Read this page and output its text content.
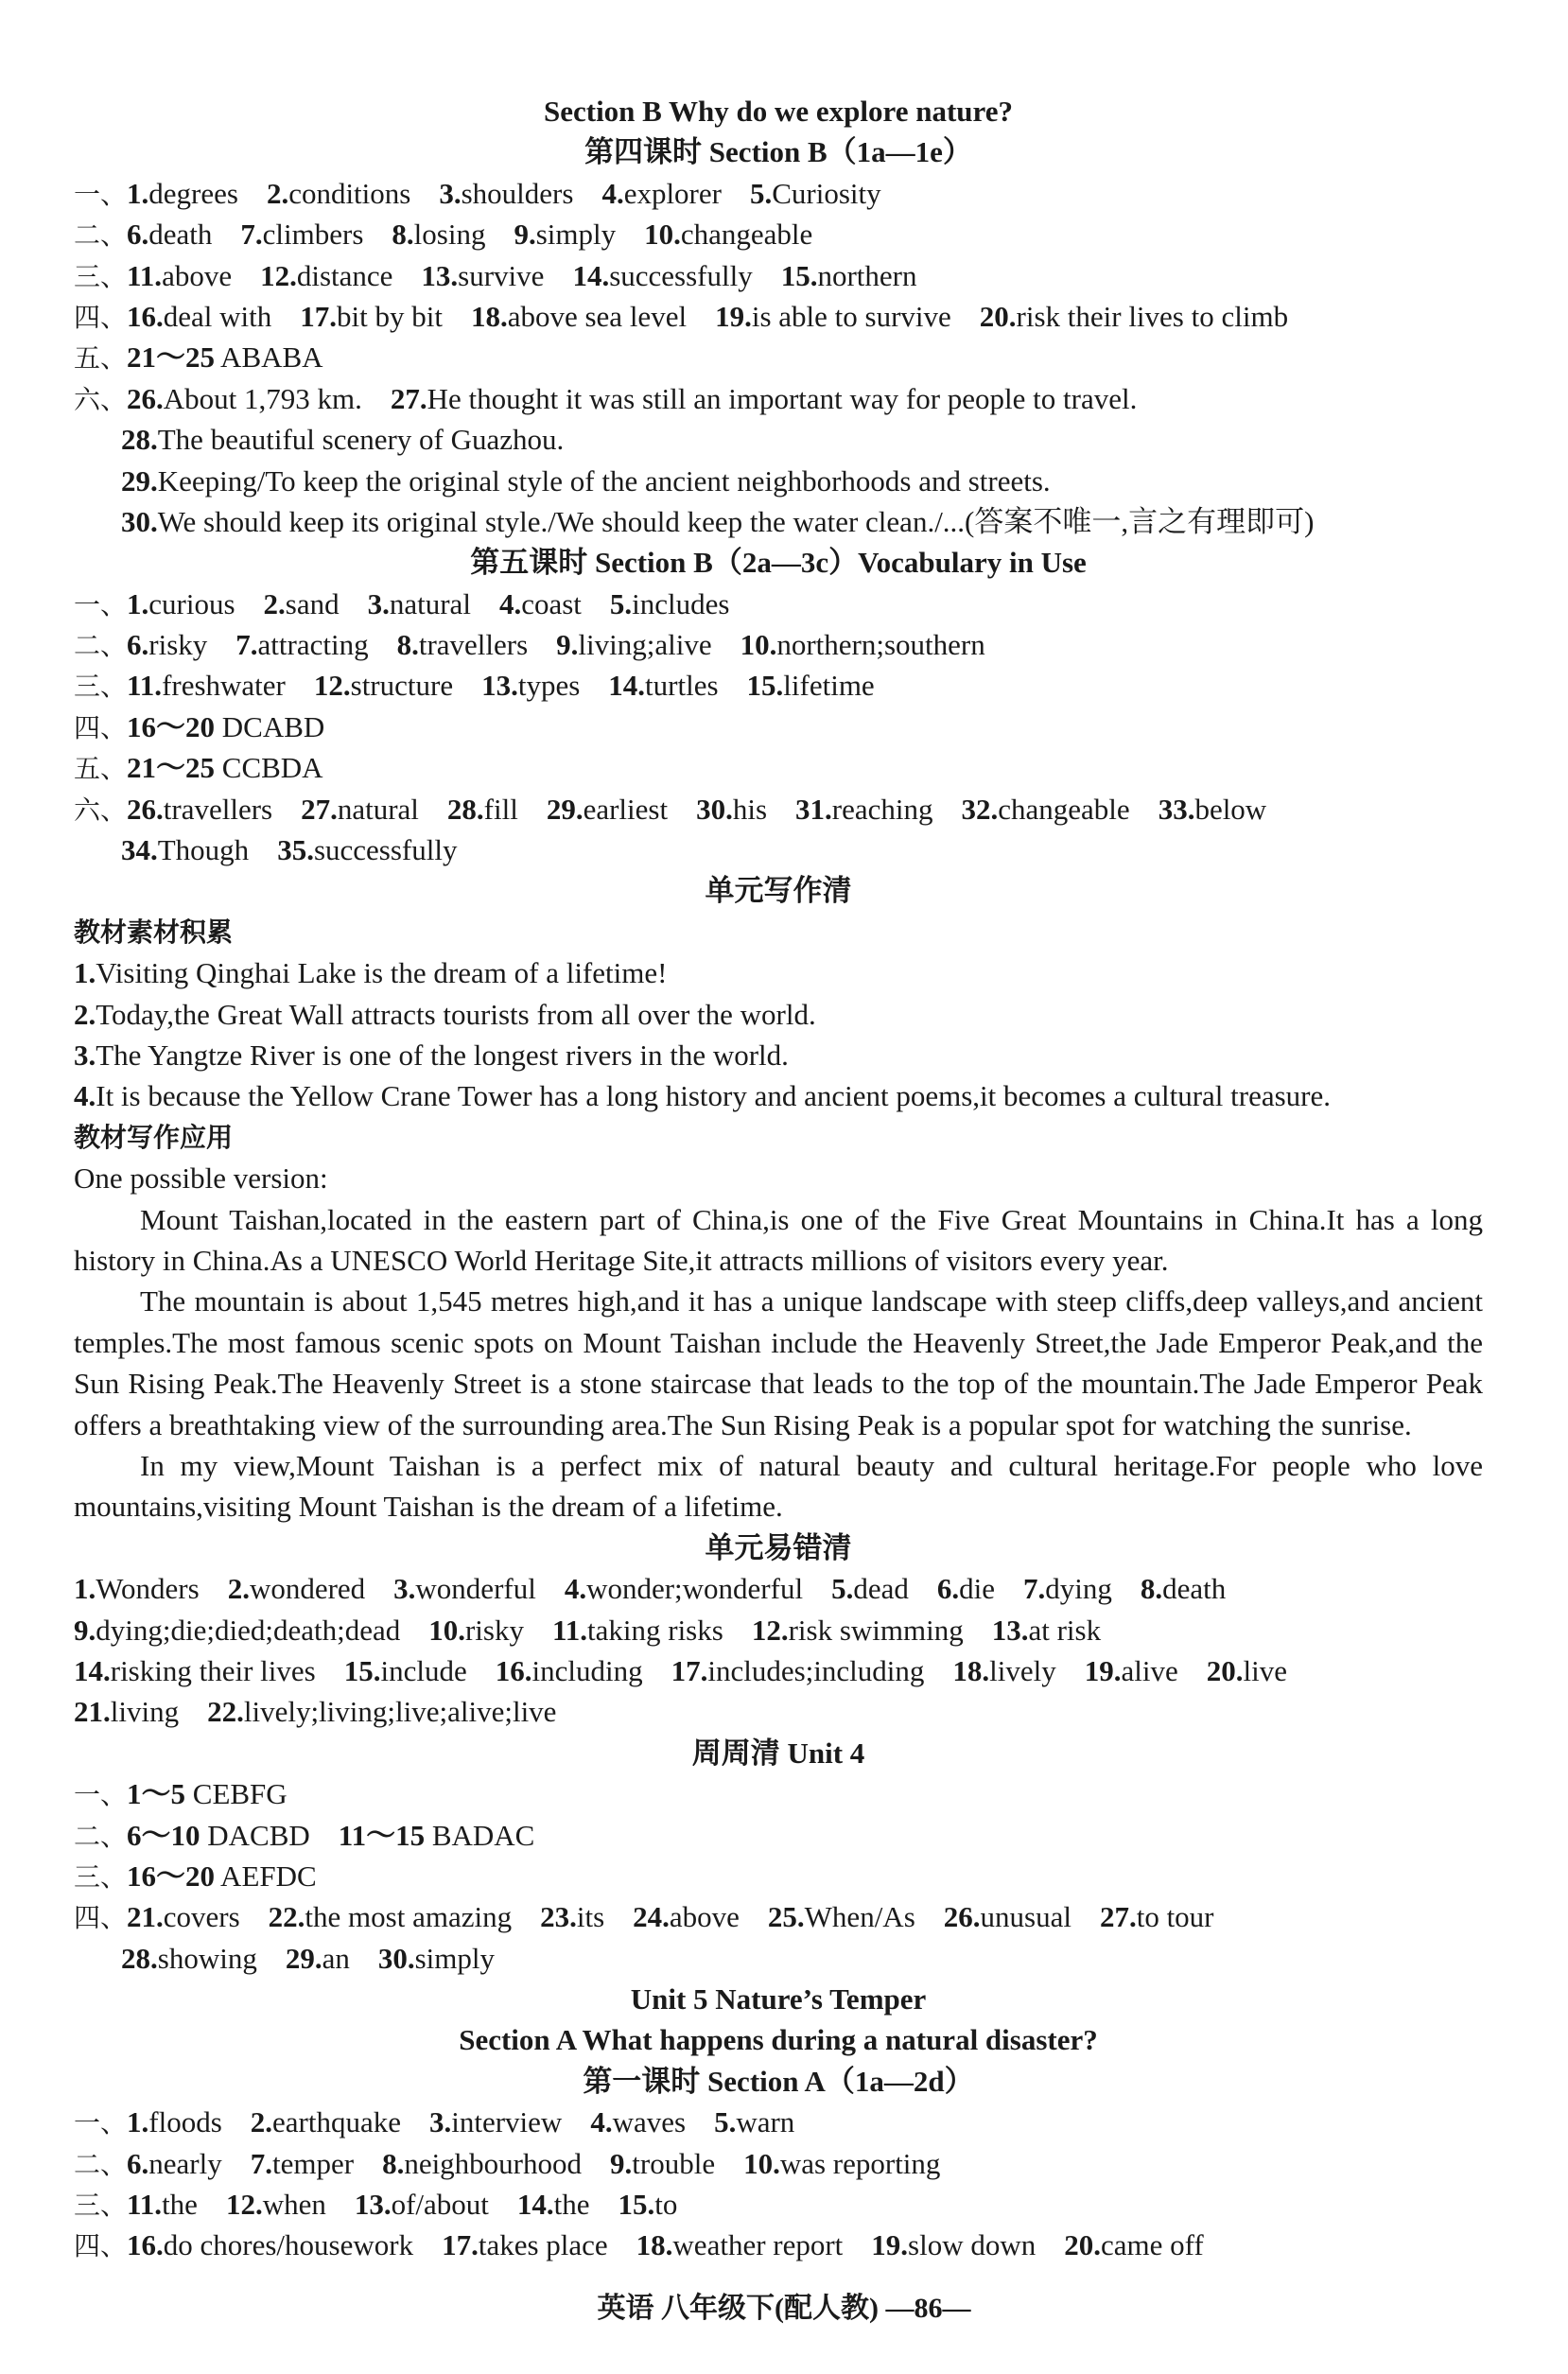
Section B Why do we explore nature?
第四课时 Section B（1a—1e）
一、1.degrees 2.conditions 3.shoulders 4.explorer 5.Curiosity
二、6.death 7.climbers 8.losing 9.simply 10.changeable
三、11.above 12.distance 13.survive 14.successfully 15.northern
四、16.deal with 17.bit by bit 18.above sea level 19.is able to survive 20.risk their lives to climb
五、21～25 ABABA
六、26.About 1,793 km. 27.He thought it was still an important way for people to travel.
28.The beautiful scenery of Guazhou.
29.Keeping/To keep the original style of the ancient neighborhoods and streets.
30.We should keep its original style./We should keep the water clean./...(答案不唯一,言之有理即可)
第五课时 Section B（2a—3c）Vocabulary in Use
一、1.curious 2.sand 3.natural 4.coast 5.includes
二、6.risky 7.attracting 8.travellers 9.living;alive 10.northern;southern
三、11.freshwater 12.structure 13.types 14.turtles 15.lifetime
四、16～20 DCABD
五、21～25 CCBDA
六、26.travellers 27.natural 28.fill 29.earliest 30.his 31.reaching 32.changeable 33.below
34.Though 35.successfully
单元写作清
教材素材积累
1.Visiting Qinghai Lake is the dream of a lifetime!
2.Today,the Great Wall attracts tourists from all over the world.
3.The Yangtze River is one of the longest rivers in the world.
4.It is because the Yellow Crane Tower has a long history and ancient poems,it becomes a cultural treasure.
教材写作应用
One possible version:
Mount Taishan,located in the eastern part of China,is one of the Five Great Mountains in China.It has a long history in China.As a UNESCO World Heritage Site,it attracts millions of visitors every year.
The mountain is about 1,545 metres high,and it has a unique landscape with steep cliffs,deep valleys,and ancient temples.The most famous scenic spots on Mount Taishan include the Heavenly Street,the Jade Emperor Peak,and the Sun Rising Peak.The Heavenly Street is a stone staircase that leads to the top of the mountain.The Jade Emperor Peak offers a breathtaking view of the surrounding area.The Sun Rising Peak is a popular spot for watching the sunrise.
In my view,Mount Taishan is a perfect mix of natural beauty and cultural heritage.For people who love mountains,visiting Mount Taishan is the dream of a lifetime.
单元易错清
1.Wonders 2.wondered 3.wonderful 4.wonder;wonderful 5.dead 6.die 7.dying 8.death
9.dying;die;died;death;dead 10.risky 11.taking risks 12.risk swimming 13.at risk
14.risking their lives 15.include 16.including 17.includes;including 18.lively 19.alive 20.live
21.living 22.lively;living;live;alive;live
周周清 Unit 4
一、1～5 CEBFG
二、6～10 DACBD 11～15 BADAC
三、16～20 AEFDC
四、21.covers 22.the most amazing 23.its 24.above 25.When/As 26.unusual 27.to tour
28.showing 29.an 30.simply
Unit 5 Nature’s Temper
Section A What happens during a natural disaster?
第一课时 Section A（1a—2d）
一、1.floods 2.earthquake 3.interview 4.waves 5.warn
二、6.nearly 7.temper 8.neighbourhood 9.trouble 10.was reporting
三、11.the 12.when 13.of/about 14.the 15.to
四、16.do chores/housework 17.takes place 18.weather report 19.slow down 20.came off
英语 八年级下(配人教) —86—
